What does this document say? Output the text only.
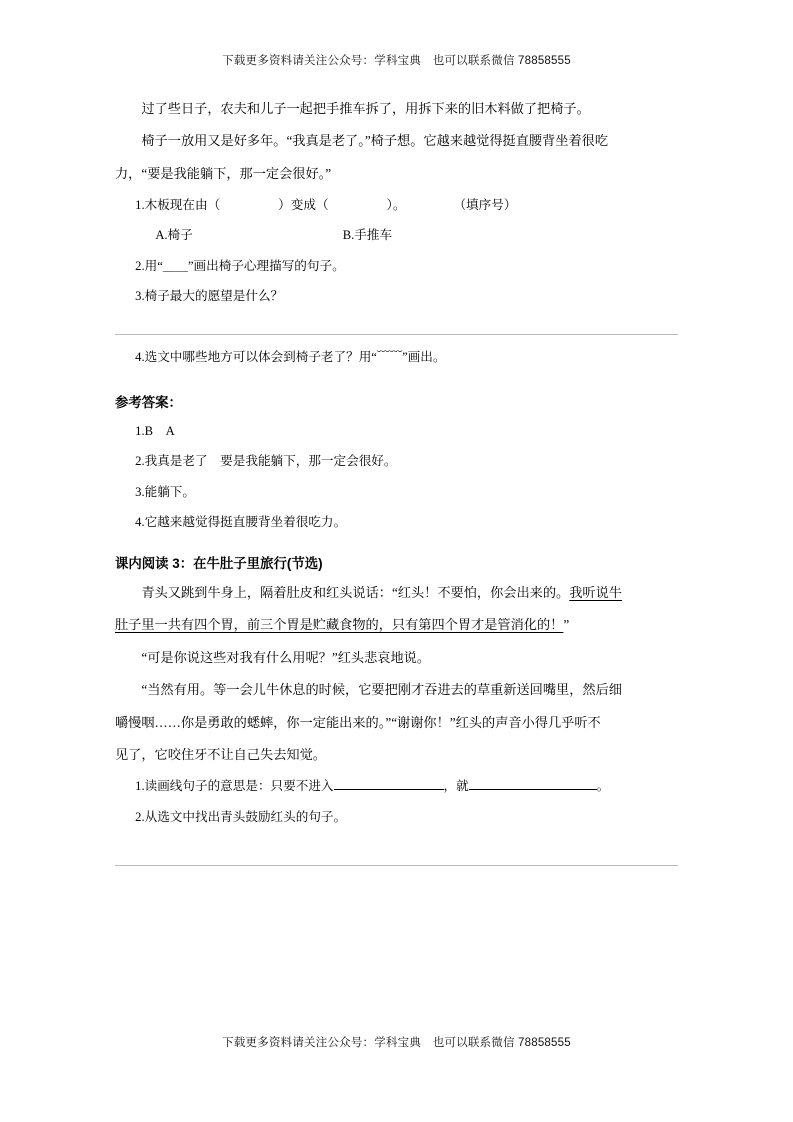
下载更多资料请关注公众号：学科宝典　也可以联系微信 78858555

过了些日子，农夫和儿子一起把手推车拆了，用拆下来的旧木料做了把椅子。

椅子一放用又是好多年。“我真是老了。”椅子想。它越来越觉得挺直腰背坐着很吃

力，“要是我能躺下，那一定会很好。”

1.木板现在由（	）变成（	）。	（填序号）

A.椅子	B.手推车

2.用“＿＿”画出椅子心理描写的句子。

3.椅子最大的愿望是什么？

4.选文中哪些地方可以体会到椅子老了？用“﹋﹋”画出。

参考答案：

1.B　A

2.我真是老了　要是我能躺下，那一定会很好。

3.能躺下。

4.它越来越觉得挺直腰背坐着很吃力。

课内阅读 3：在牛肚子里旅行(节选)

青头又跳到牛身上，隔着肚皮和红头说话：“红头！不要怕，你会出来的。我听说牛

肚子里一共有四个胃，前三个胃是贮藏食物的，只有第四个胃才是管消化的！”

“可是你说这些对我有什么用呢？”红头悲哀地说。

“当然有用。等一会儿牛休息的时候，它要把刚才吞进去的草重新送回嘴里，然后细

嚼慢咽……你是勇敢的蟋蟀，你一定能出来的。”“谢谢你！”红头的声音小得几乎听不

见了，它咬住牙不让自己失去知觉。

1.读画线句子的意思是：只要不进入	，就	。

2.从选文中找出青头鼓励红头的句子。

下载更多资料请关注公众号：学科宝典　也可以联系微信 78858555
